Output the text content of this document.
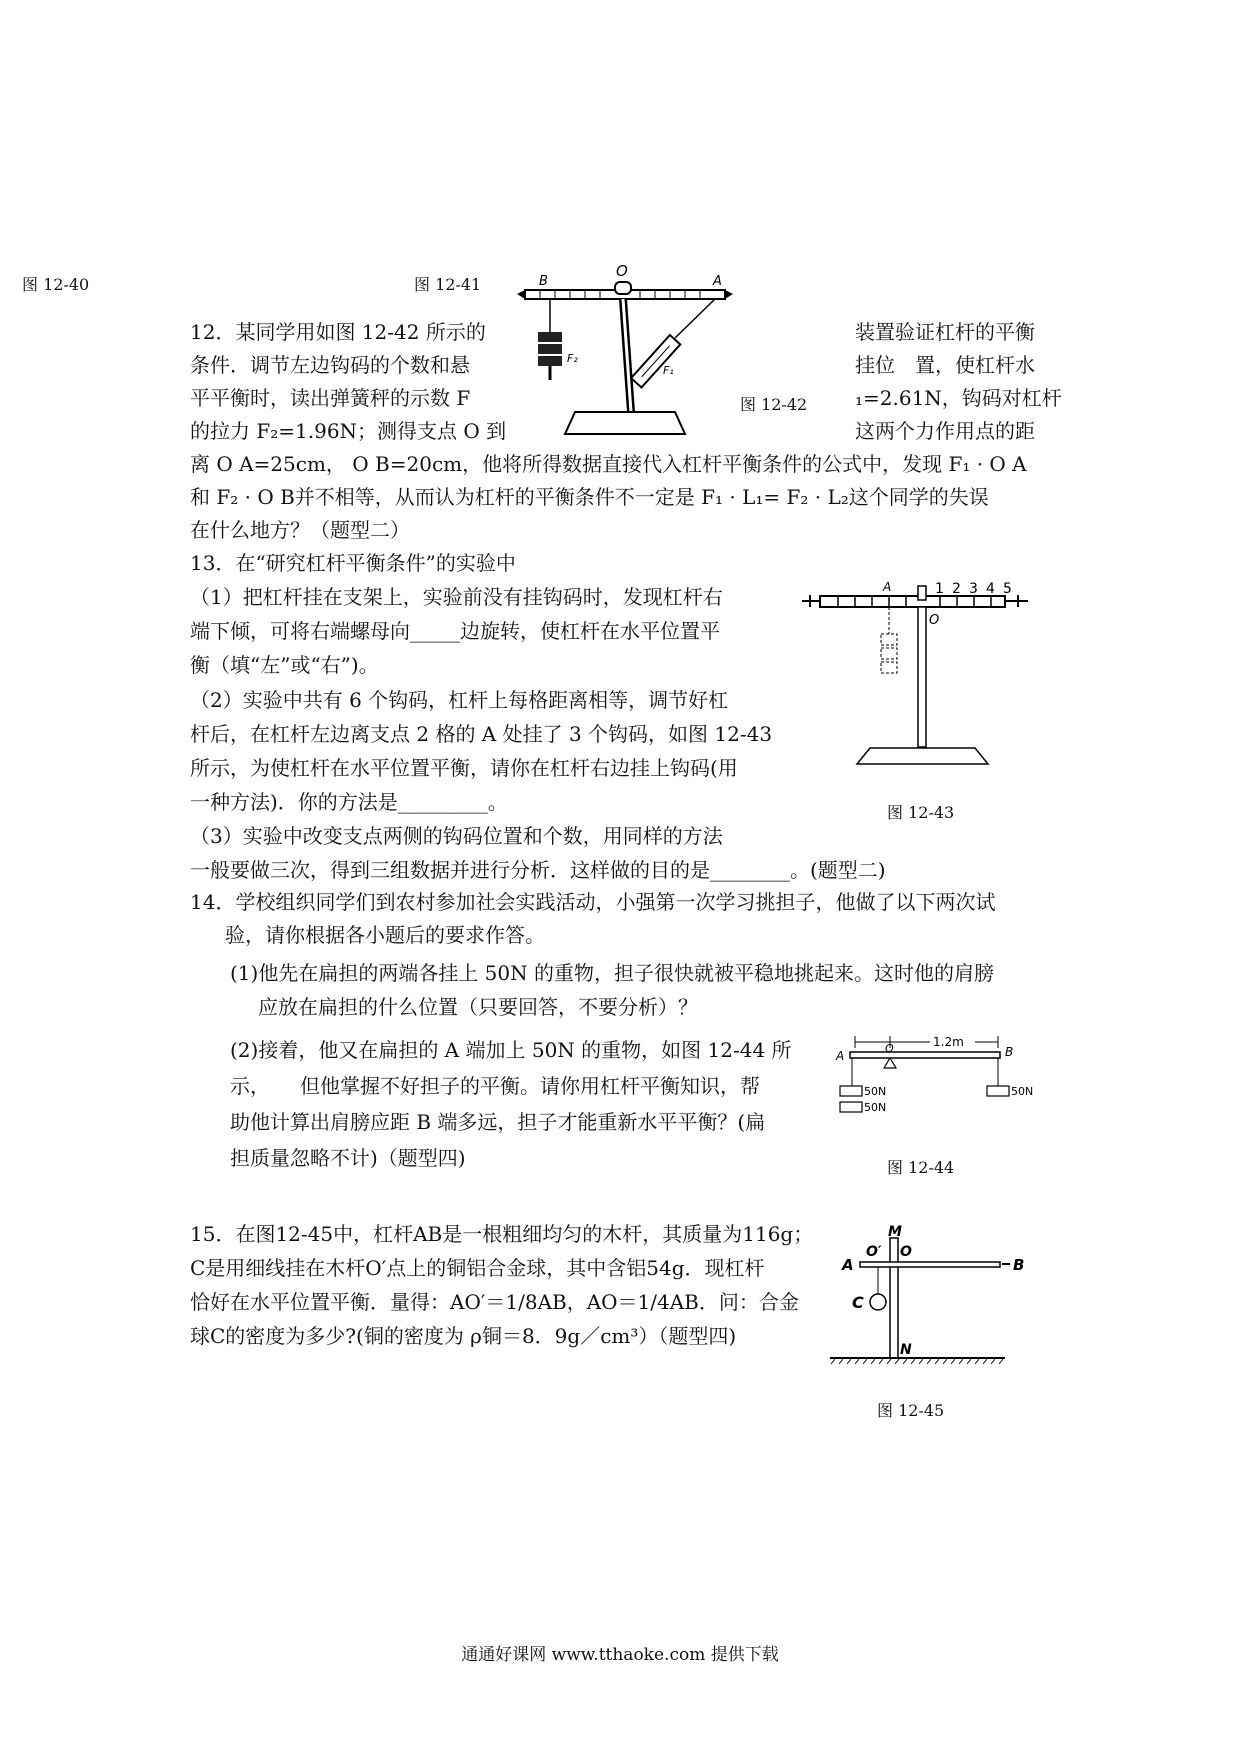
图 12-40	图 12-41	B
O
A
F₂
F₁
12．某同学用如图 12-42 所示的	装置验证杠杆的平衡
条件．调节左边钩码的个数和悬	挂位　置，使杠杆水
平平衡时，读出弹簧秤的示数 F	图 12-42 ₁=2.61N，钩码对杠杆
的拉力 F₂=1.96N；测得支点 O 到	这两个力作用点的距
离 O A=25cm， O B=20cm，他将所得数据直接代入杠杆平衡条件的公式中，发现 F₁ · O A
和 F₂ · O B并不相等，从而认为杠杆的平衡条件不一定是 F₁ · L₁= F₂ · L₂这个同学的失误
在什么地方？（题型二）
13．在“研究杠杆平衡条件”的实验中
（1）把杠杆挂在支架上，实验前没有挂钩码时，发现杠杆右
端下倾，可将右端螺母向_____边旋转，使杠杆在水平位置平
衡（填“左”或“右”)。
（2）实验中共有 6 个钩码，杠杆上每格距离相等，调节好杠
杆后，在杠杆左边离支点 2 格的 A 处挂了 3 个钩码，如图 12-43
所示，为使杠杆在水平位置平衡，请你在杠杆右边挂上钩码(用
一种方法)．你的方法是_________。
（3）实验中改变支点两侧的钩码位置和个数，用同样的方法
一般要做三次，得到三组数据并进行分析．这样做的目的是________。(题型二)
A
O
1 2 3 4 5
图 12-43
14．学校组织同学们到农村参加社会实践活动，小强第一次学习挑担子，他做了以下两次试
验，请你根据各小题后的要求作答。
(1)他先在扁担的两端各挂上 50N 的重物，担子很快就被平稳地挑起来。这时他的肩膀
应放在扁担的什么位置（只要回答，不要分析）？
(2)接着，他又在扁担的 A 端加上 50N 的重物，如图 12-44 所
示，　　但他掌握不好担子的平衡。请你用杠杆平衡知识，帮
助他计算出肩膀应距 B 端多远，担子才能重新水平平衡？(扁
担质量忽略不计)（题型四)
1.2m
A
O	B
50N
50N
50N
图 12-44
15．在图12-45中，杠杆AB是一根粗细均匀的木杆，其质量为116g；
C是用细线挂在木杆O′点上的铜铝合金球，其中含铝54g．现杠杆
恰好在水平位置平衡．量得：AO′＝1/8AB，AO＝1/4AB．问：合金
球C的密度为多少?(铜的密度为 ρ铜＝8．9g／cm³）（题型四)
M
O′ O
A	B
C
N
图 12-45
通通好课网 www.tthaoke.com 提供下载
